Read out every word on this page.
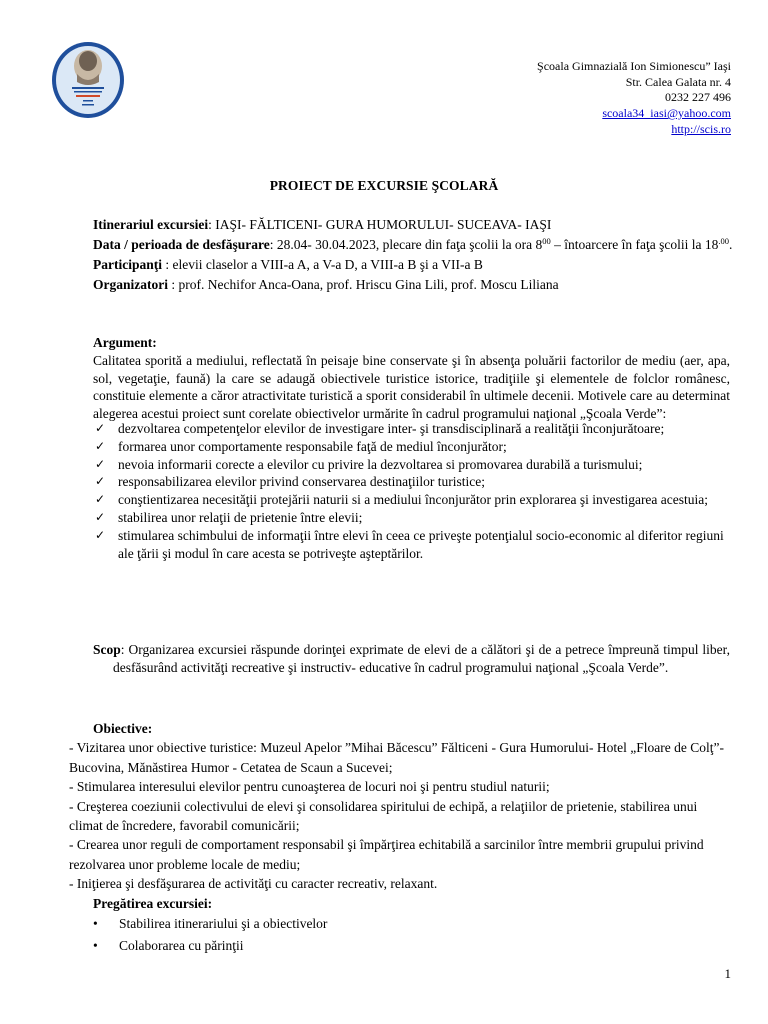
Şcoala Gimnazială Ion Simionescu” Iaşi
Str. Calea Galata nr. 4
0232 227 496
scoala34_iasi@yahoo.com
http://scis.ro
PROIECT DE EXCURSIE ŞCOLARĂ

Itinerariul excursiei: IAŞI- FĂLTICENI- GURA HUMORULUI- SUCEAVA- IAŞI

Data / perioada de desfăşurare: 28.04- 30.04.2023, plecare din faţa şcolii la ora $8^{00}$ – întoarcere în faţa şcolii la $18^{.00}$.

Participanţi : elevii claselor a VIII-a A, a V-a D, a VIII-a B şi a VII-a B

Organizatori : prof. Nechifor Anca-Oana, prof. Hriscu Gina Lili, prof. Moscu Liliana

Argument:
Calitatea sporită a mediului, reflectată în peisaje bine conservate şi în absenţa poluării factorilor de mediu (aer, apa, sol, vegetaţie, faună) la care se adaugă obiectivele turistice istorice, tradiţiile şi elementele de folclor românesc, constituie elemente a căror atractivitate turistică a sporit considerabil în ultimele decenii. Motivele care au determinat alegerea acestui proiect sunt corelate obiectivelor urmărite în cadrul programului naţional „Şcoala Verde”:
✓ dezvoltarea competenţelor elevilor de investigare inter- şi transdisciplinară a realităţii înconjurătoare;
✓ formarea unor comportamente responsabile faţă de mediul înconjurător;
✓ nevoia informarii corecte a elevilor cu privire la dezvoltarea si promovarea durabilă a turismului;
✓ responsabilizarea elevilor privind conservarea destinaţiilor turistice;
✓ conştientizarea necesităţii protejării naturii si a mediului înconjurător prin explorarea şi investigarea acestuia;
✓ stabilirea unor relaţii de prietenie între elevii;
✓ stimularea schimbului de informaţii între elevi în ceea ce priveşte potenţialul socio-economic al diferitor regiuni ale ţării şi modul în care acesta se potriveşte aşteptărilor.
Scop: Organizarea excursiei răspunde dorinţei exprimate de elevi de a călători şi de a petrece împreună timpul liber, desfăsurând activităţi recreative şi instructiv- educative în cadrul programului naţional „Şcoala Verde”.
Obiective:

- Vizitarea unor obiective turistice: Muzeul Apelor ”Mihai Băcescu” Fălticeni - Gura Humorului- Hotel „Floare de Colţ”-Bucovina, Mănăstirea Humor - Cetatea de Scaun a Sucevei;

- Stimularea interesului elevilor pentru cunoaşterea de locuri noi şi pentru studiul naturii;

- Creşterea coeziunii colectivului de elevi şi consolidarea spiritului de echipă, a relaţiilor de prietenie, stabilirea unui climat de încredere, favorabil comunicării;

- Crearea unor reguli de comportament responsabil şi împărţirea echitabilă a sarcinilor între membrii grupului privind rezolvarea unor probleme locale de mediu;

- Iniţierea şi desfăşurarea de activităţi cu caracter recreativ, relaxant.

Pregătirea excursiei:
• Stabilirea itinerariului şi a obiectivelor
• Colaborarea cu părinţii
1
